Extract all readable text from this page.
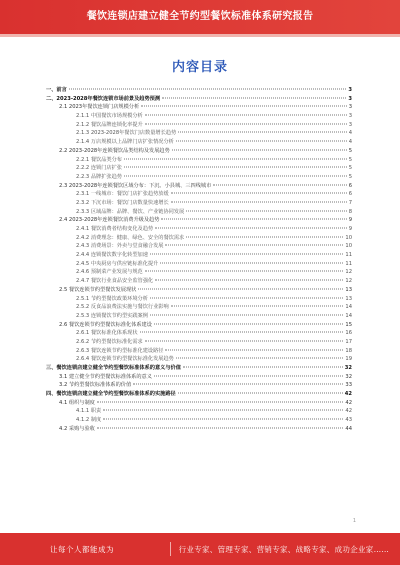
餐饮连锁店建立健全节约型餐饮标准体系研究报告
内容目录
一、前言	3
二、2023-2028年餐饮连锁市场前景及趋势预测	3
2.1 2023年餐饮连锁门店规模分析	3
2.1.1 中国餐饮市场规模分析	3
2.1.2 餐饮品牌连锁化率提升	3
2.1.3 2023-2028年餐饮门店数量增长趋势	4
2.1.4 万店规模以上品牌门店扩张情况分析	4
2.2 2023-2028年连锁餐饮品类结构及发展趋势	5
2.2.1 餐饮品类分布	5
2.2.2 连锁门店扩张	5
2.2.3 品牌扩张趋势	5
2.3 2023-2028年连锁餐饮区域分布：下沉、小县城、三四线城市	6
2.3.1 一线城市：餐饮门店扩张趋势放缓	6
2.3.2 下沉市场：餐饮门店数量快速增长	7
2.3.3 区域品牌：品牌、餐饮、产业链协同发展	8
2.4 2023-2028年连锁餐饮消费升级及趋势	9
2.4.1 餐饮消费者结构变化及趋势	9
2.4.2 消费理念：健康、绿色、安全的餐饮需求	10
2.4.3 消费场景：外卖与堂食融合发展	10
2.4.4 连锁餐饮数字化转型加速	11
2.4.5 中央厨房与供应链标准化提升	11
2.4.6 预制菜产业发展与规范	12
2.4.7 餐饮行业食品安全监管强化	12
2.5 餐饮连锁节约型餐饮发展现状	13
2.5.1 节约型餐饮政策环境分析	13
2.5.2 反食品浪费法实施与餐饮行业影响	14
2.5.3 连锁餐饮节约型实践案例	14
2.6 餐饮连锁节约型餐饮标准化体系建设	15
2.6.1 餐饮标准化体系现状	16
2.6.2 节约型餐饮标准化需求	17
2.6.3 餐饮连锁节约型标准化建设路径	18
2.6.4 餐饮连锁节约型餐饮标准化发展趋势	19
三、餐饮连锁店建立健全节约型餐饮标准体系的意义与价值	32
3.1 建立健全节约型餐饮标准体系的意义	32
3.2 节约型餐饮标准体系的价值	33
四、餐饮连锁店建立健全节约型餐饮标准体系的实施路径	42
4.1 组织与制度	42
4.1.1 职责	42
4.1.2 制度	43
4.2 采购与验收	44
1
让每个人都能成为	行业专家、管理专家、营销专家、战略专家、成功企业家……
